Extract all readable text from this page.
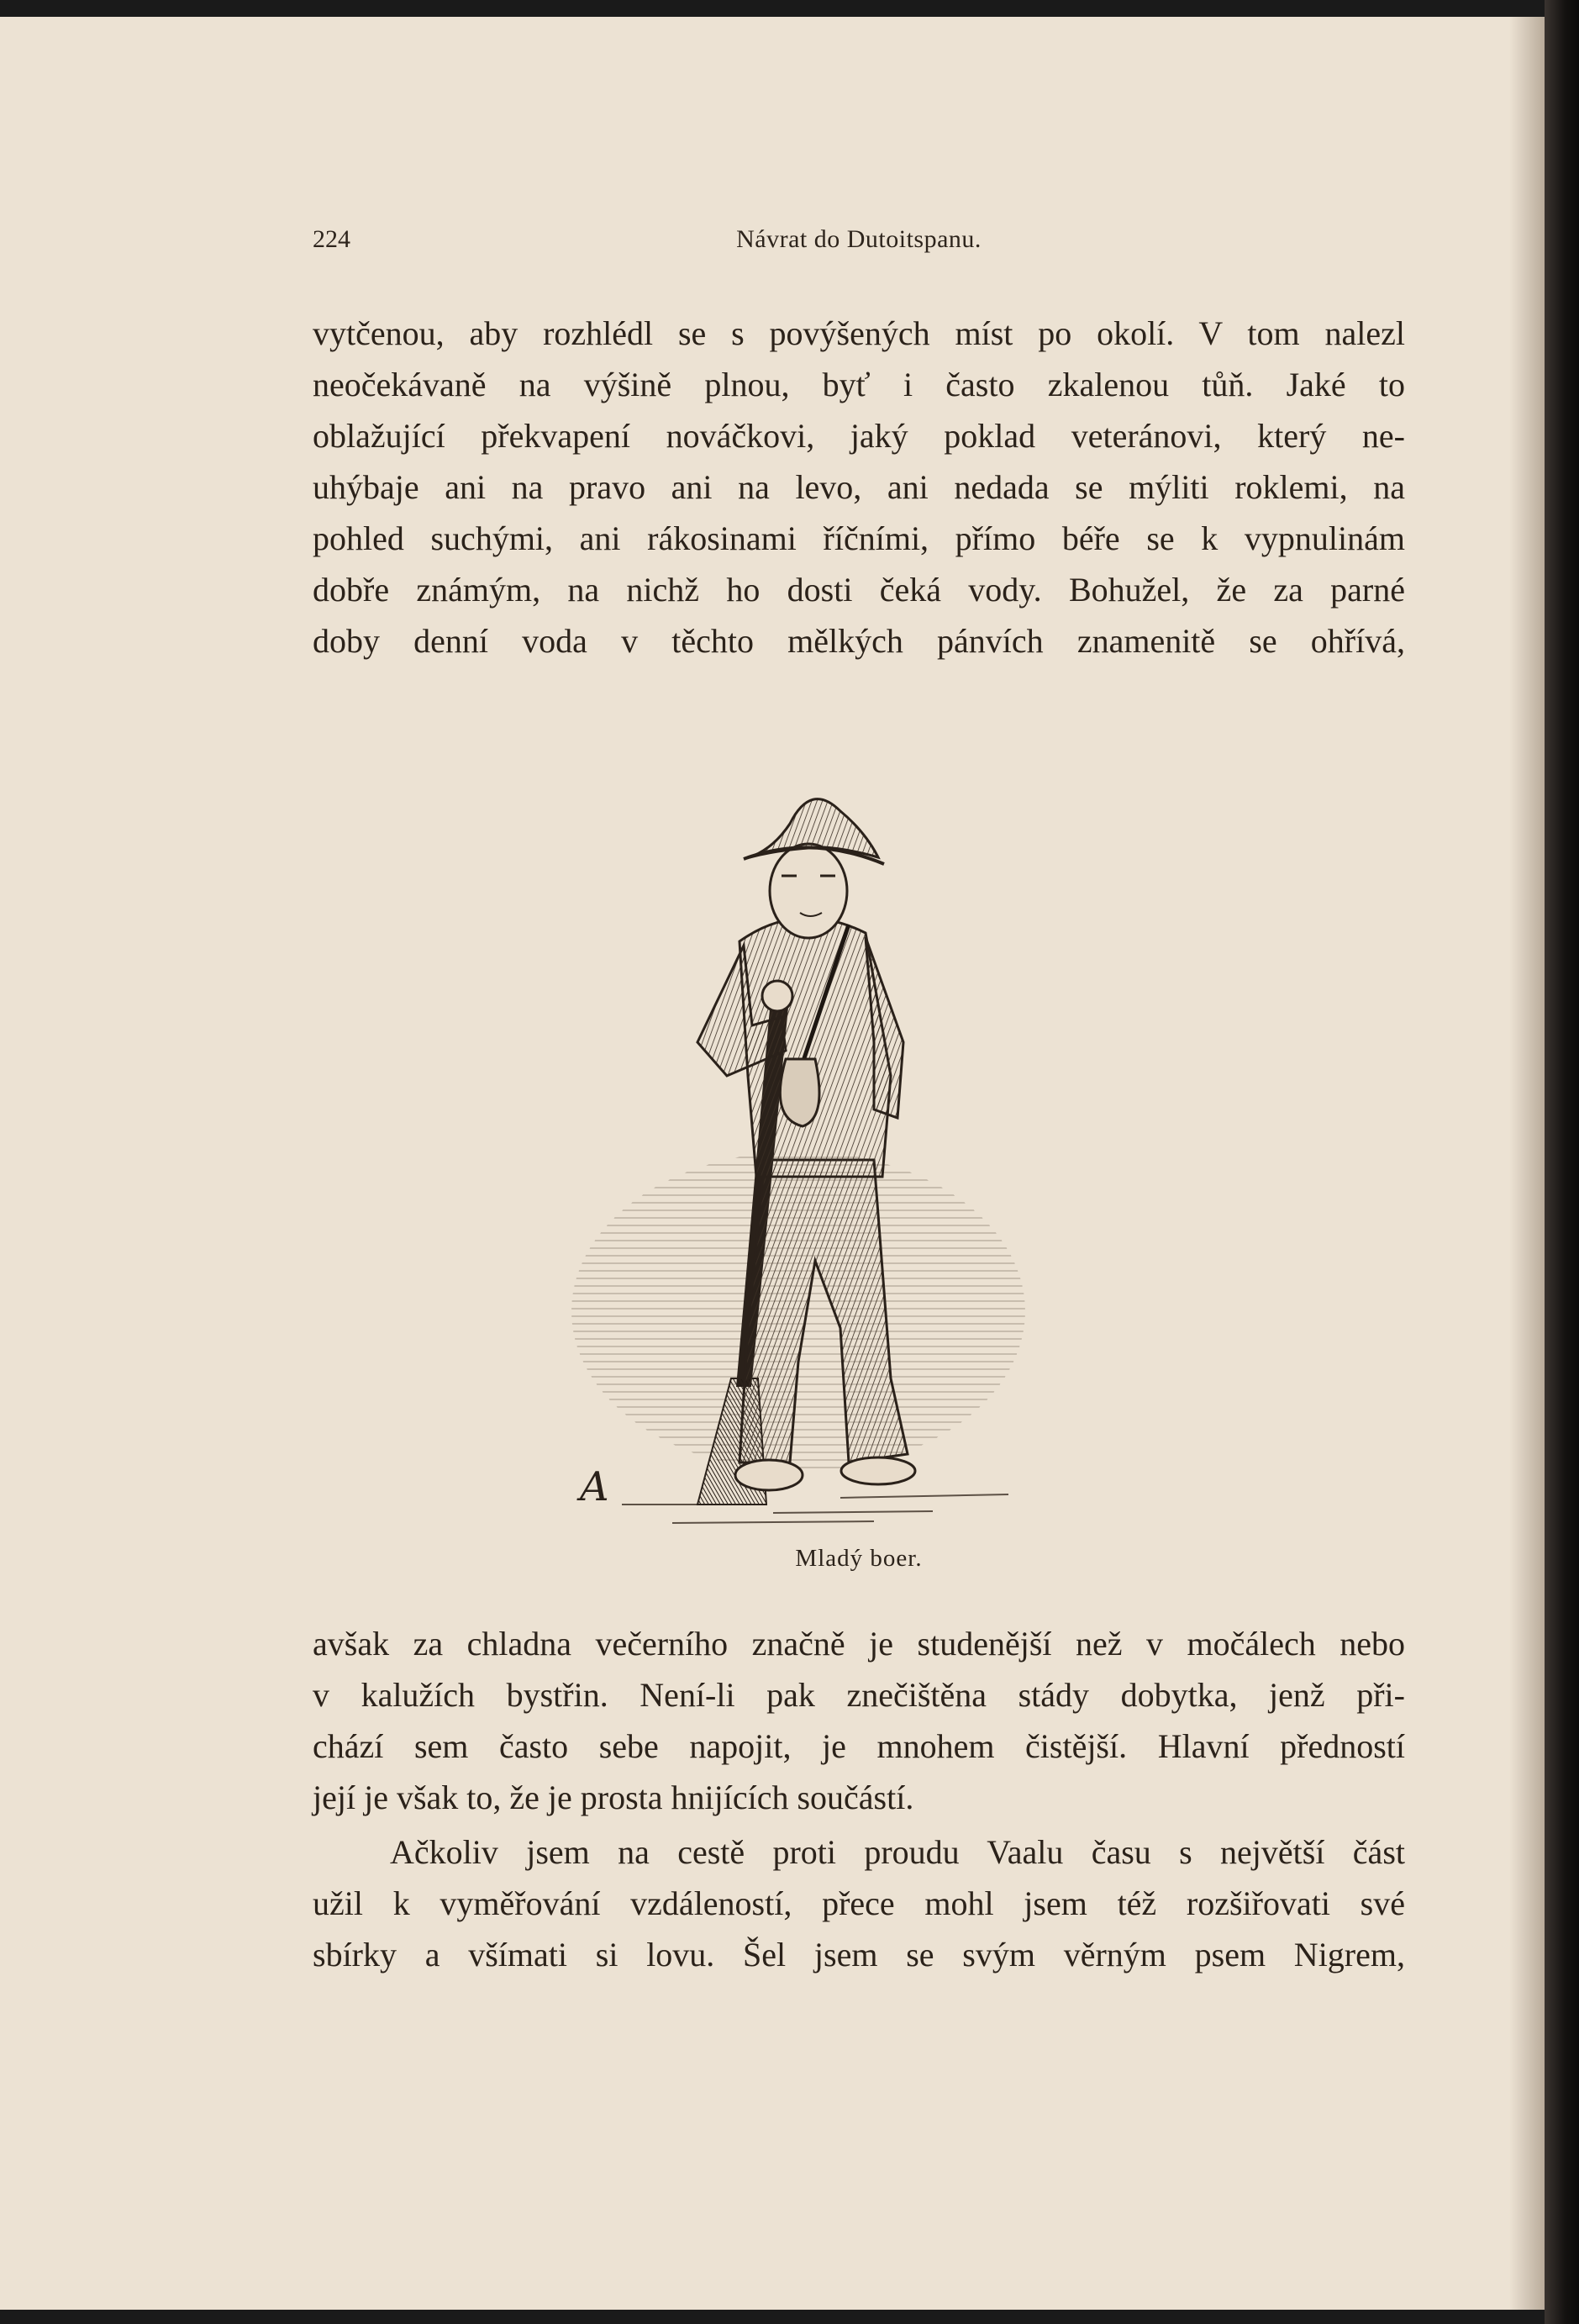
224	Návrat do Dutoitspanu.
vytčenou, aby rozhlédl se s povýšených míst po okolí. V tom nalezl
neočekávaně na výšině plnou, byť i často zkalenou tůň. Jaké to
oblažující překvapení nováčkovi, jaký poklad veteránovi, který ne-
uhýbaje ani na pravo ani na levo, ani nedada se mýliti roklemi, na
pohled suchými, ani rákosinami říčními, přímo béře se k vypnulinám
dobře známým, na nichž ho dosti čeká vody. Bohužel, že za parné
doby denní voda v těchto mělkých pánvích znamenitě se ohřívá,
A
Mladý boer.
avšak za chladna večerního značně je studenější než v močálech nebo
v kalužích bystřin. Není-li pak znečištěna stády dobytka, jenž při-
chází sem často sebe napojit, je mnohem čistější. Hlavní předností
její je však to, že je prosta hnijících součástí.
Ačkoliv jsem na cestě proti proudu Vaalu času s největší část
užil k vyměřování vzdáleností, přece mohl jsem též rozšiřovati své
sbírky a všímati si lovu. Šel jsem se svým věrným psem Nigrem,
